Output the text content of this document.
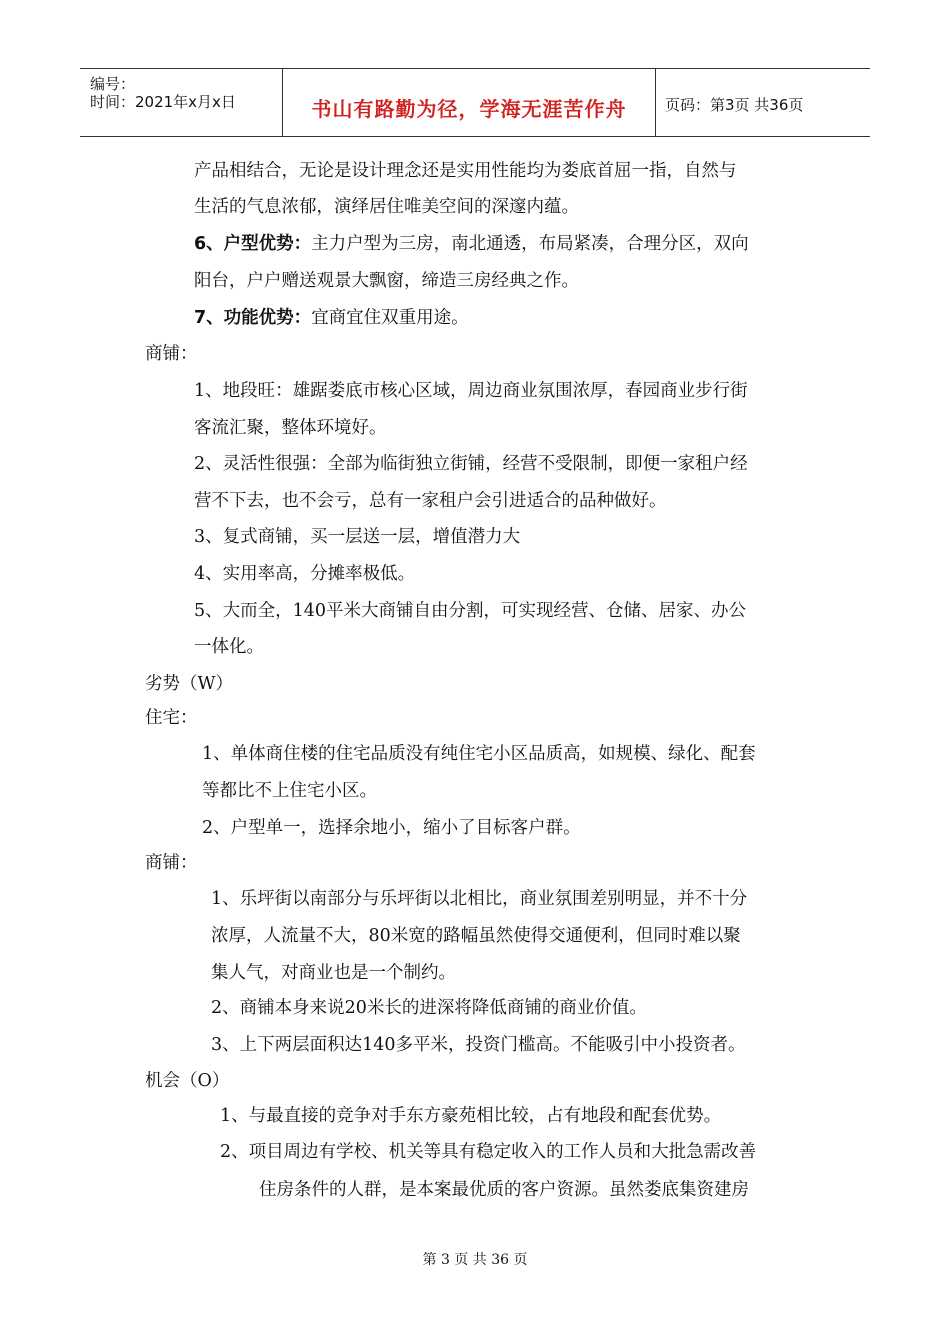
编号：
时间：2021年x月x日	书山有路勤为径，学海无涯苦作舟	页码：第3页 共36页
产品相结合，无论是设计理念还是实用性能均为娄底首屈一指，自然与
生活的气息浓郁，演绎居住唯美空间的深邃内蕴。
6、户型优势：主力户型为三房，南北通透，布局紧凑，合理分区，双向
阳台，户户赠送观景大飘窗，缔造三房经典之作。
7、功能优势：宜商宜住双重用途。
商铺：
1、地段旺：雄踞娄底市核心区域，周边商业氛围浓厚，春园商业步行街
客流汇聚，整体环境好。
2、灵活性很强：全部为临街独立街铺，经营不受限制，即便一家租户经
营不下去，也不会亏，总有一家租户会引进适合的品种做好。
3、复式商铺，买一层送一层，增值潜力大
4、实用率高，分摊率极低。
5、大而全，140平米大商铺自由分割，可实现经营、仓储、居家、办公
一体化。
劣势（W）
住宅：
1、单体商住楼的住宅品质没有纯住宅小区品质高，如规模、绿化、配套
等都比不上住宅小区。
2、户型单一，选择余地小，缩小了目标客户群。
商铺：
1、乐坪街以南部分与乐坪街以北相比，商业氛围差别明显，并不十分
浓厚，人流量不大，80米宽的路幅虽然使得交通便利，但同时难以聚
集人气，对商业也是一个制约。
2、商铺本身来说20米长的进深将降低商铺的商业价值。
3、上下两层面积达140多平米，投资门槛高。不能吸引中小投资者。
机会（O）
1、与最直接的竞争对手东方豪苑相比较，占有地段和配套优势。
2、项目周边有学校、机关等具有稳定收入的工作人员和大批急需改善
住房条件的人群，是本案最优质的客户资源。虽然娄底集资建房
第 3 页 共 36 页
